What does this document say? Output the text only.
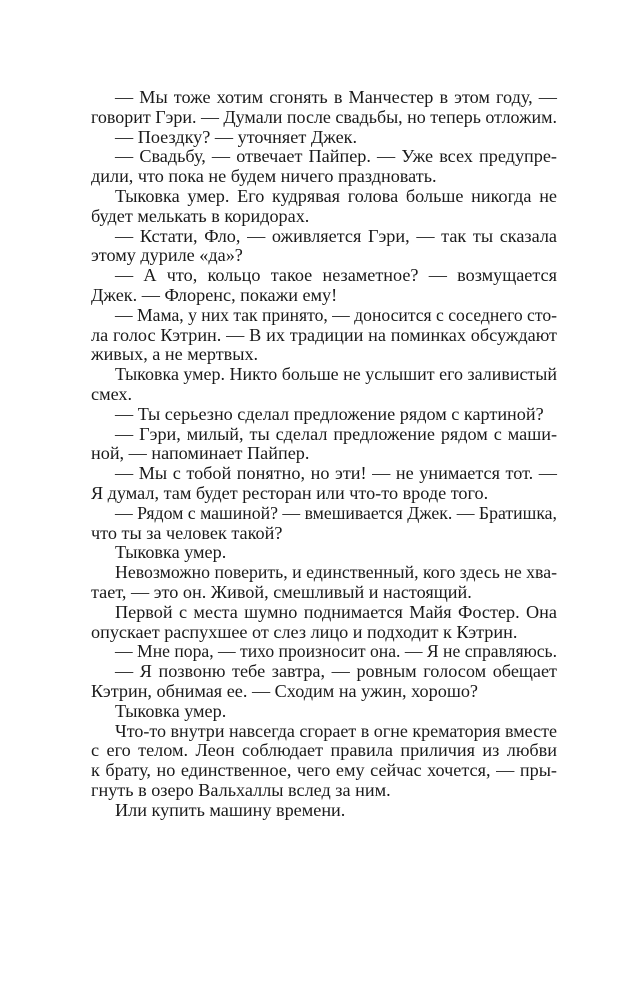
— Мы тоже хотим сгонять в Манчестер в этом году, —
говорит Гэри. — Думали после свадьбы, но теперь отложим.
— Поездку? — уточняет Джек.
— Свадьбу, — отвечает Пайпер. — Уже всех предупре-
дили, что пока не будем ничего праздновать.
Тыковка умер. Его кудрявая голова больше никогда не
будет мелькать в коридорах.
— Кстати, Фло, — оживляется Гэри, — так ты сказала
этому дуриле «да»?
— А что, кольцо такое незаметное? — возмущается
Джек. — Флоренс, покажи ему!
— Мама, у них так принято, — доносится с соседнего сто-
ла голос Кэтрин. — В их традиции на поминках обсуждают
живых, а не мертвых.
Тыковка умер. Никто больше не услышит его заливистый
смех.
— Ты серьезно сделал предложение рядом с картиной?
— Гэри, милый, ты сделал предложение рядом с маши-
ной, — напоминает Пайпер.
— Мы с тобой понятно, но эти! — не унимается тот. —
Я думал, там будет ресторан или что-то вроде того.
— Рядом с машиной? — вмешивается Джек. — Братишка,
что ты за человек такой?
Тыковка умер.
Невозможно поверить, и единственный, кого здесь не хва-
тает, — это он. Живой, смешливый и настоящий.
Первой с места шумно поднимается Майя Фостер. Она
опускает распухшее от слез лицо и подходит к Кэтрин.
— Мне пора, — тихо произносит она. — Я не справляюсь.
— Я позвоню тебе завтра, — ровным голосом обещает
Кэтрин, обнимая ее. — Сходим на ужин, хорошо?
Тыковка умер.
Что-то внутри навсегда сгорает в огне крематория вместе
с его телом. Леон соблюдает правила приличия из любви
к брату, но единственное, чего ему сейчас хочется, — пры-
гнуть в озеро Вальхаллы вслед за ним.
Или купить машину времени.
